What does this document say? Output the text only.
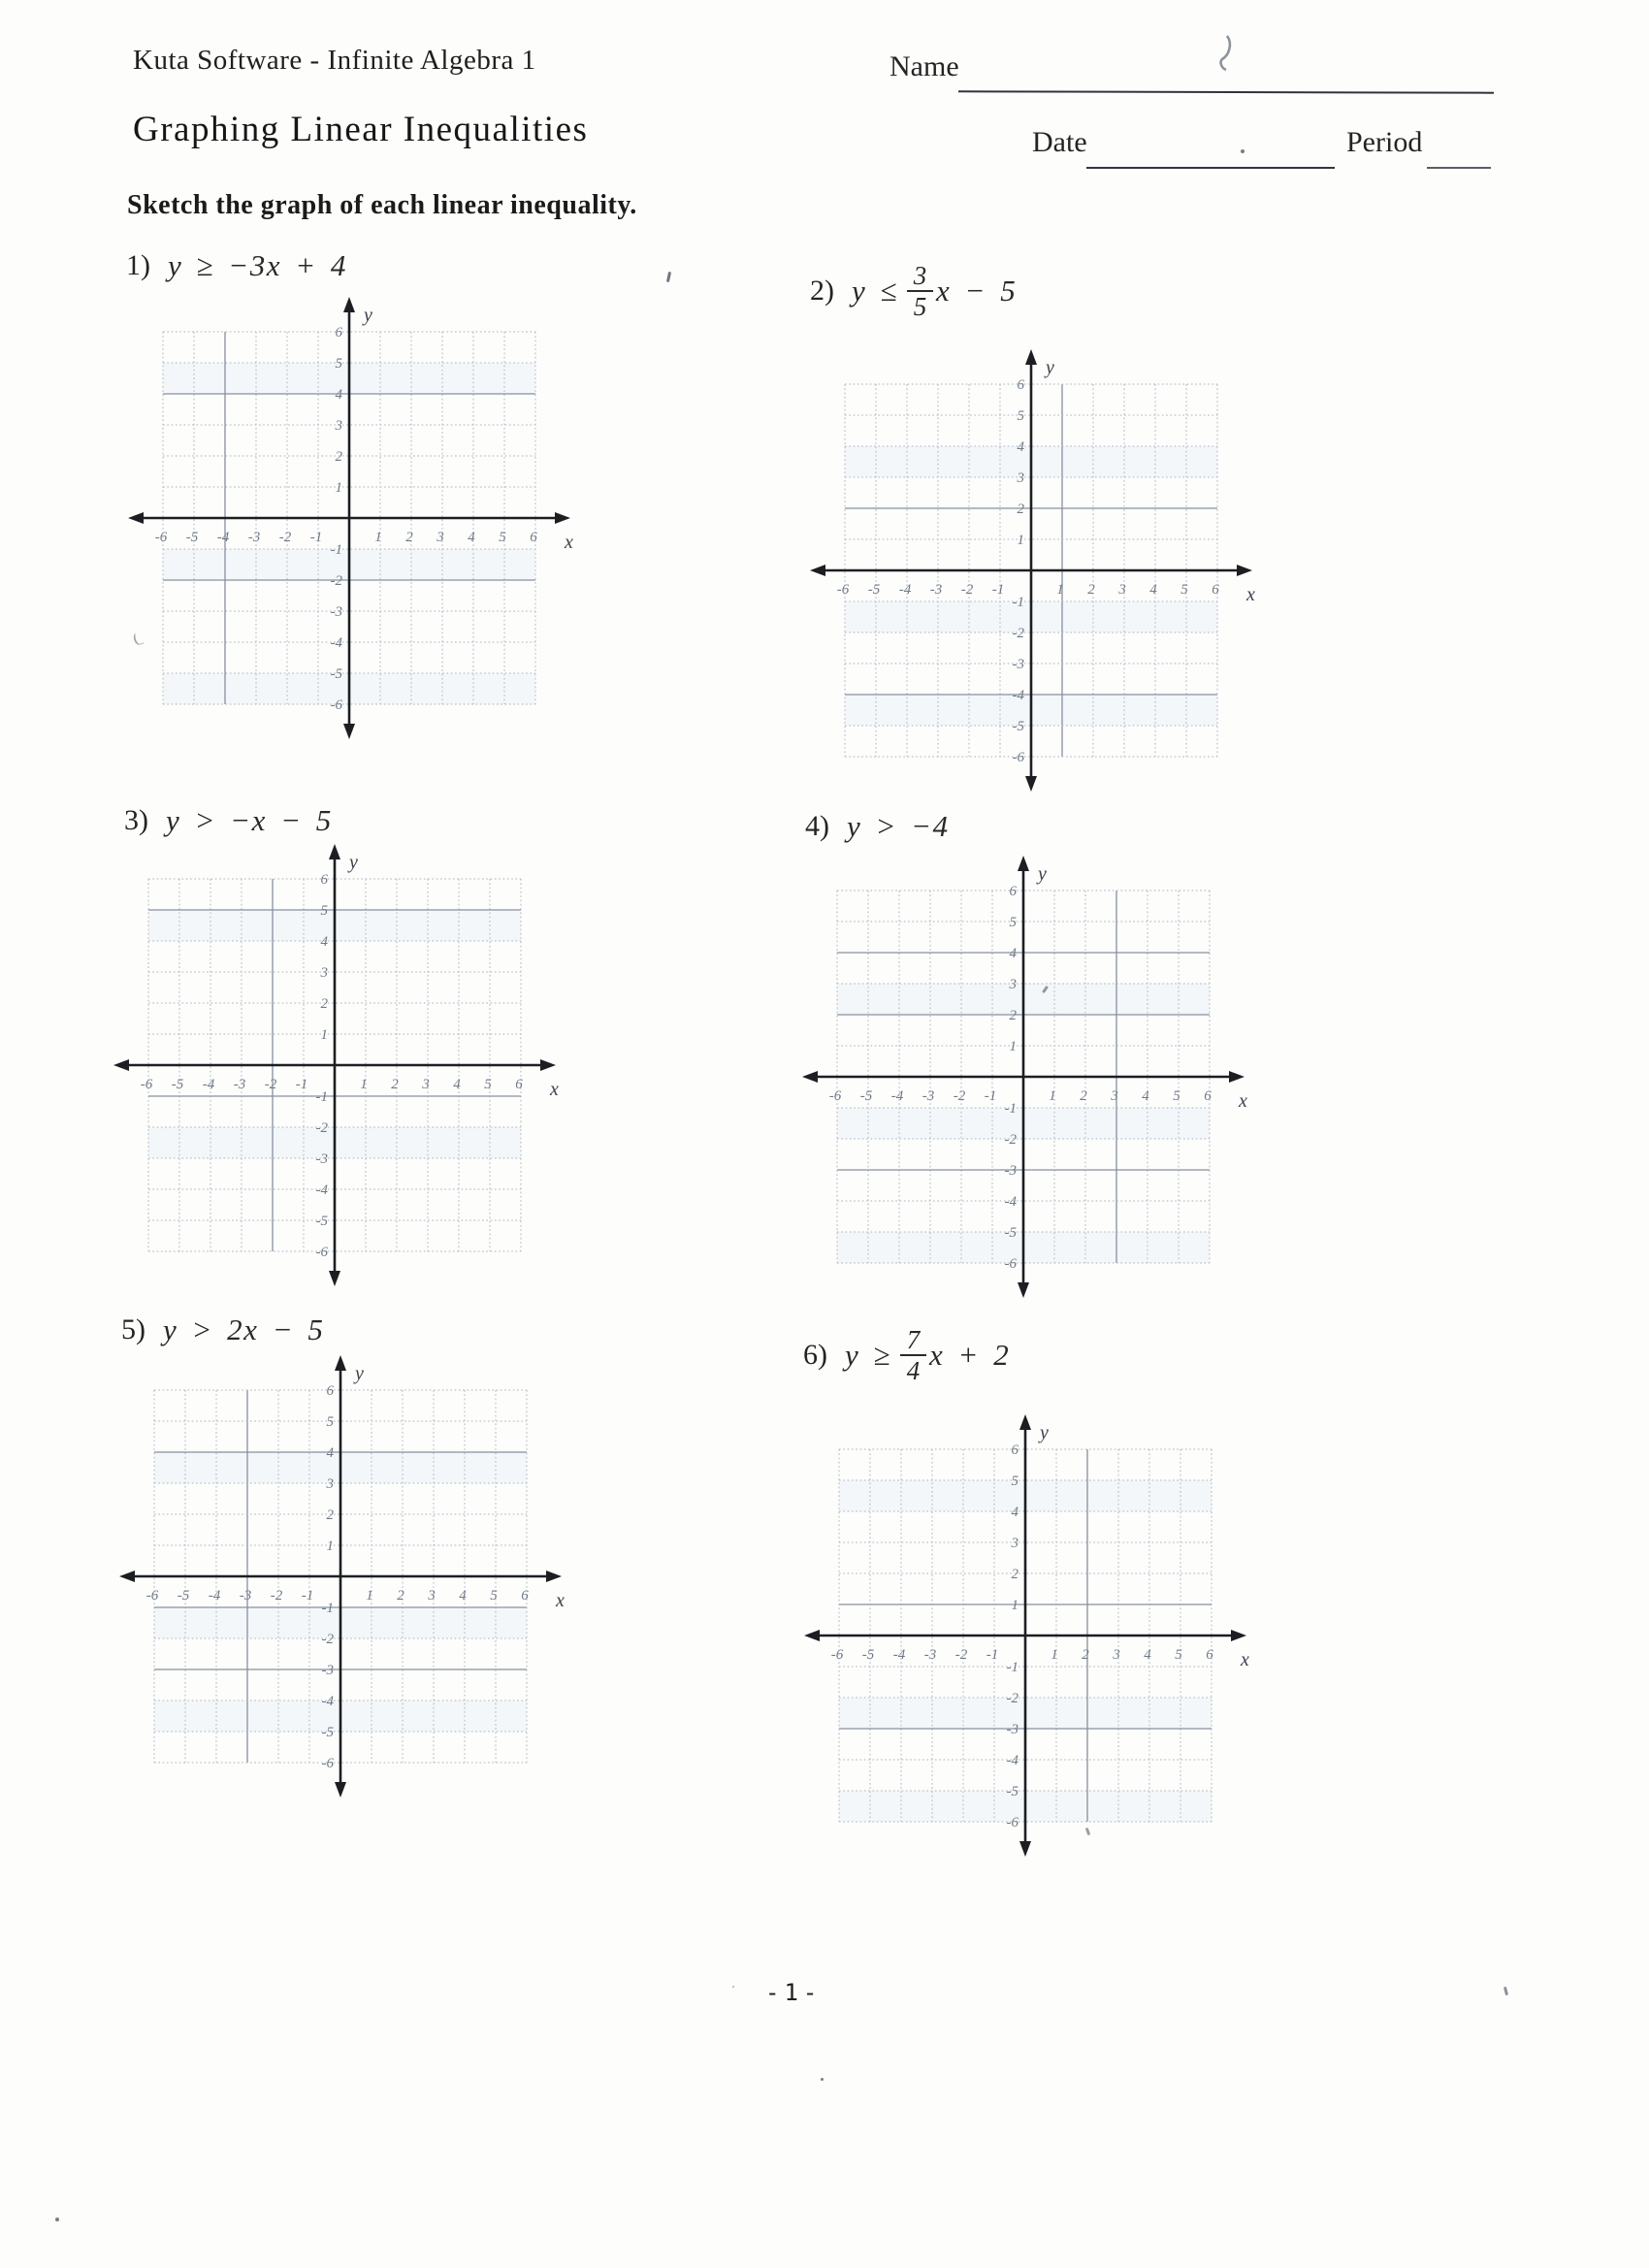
Kuta Software - Infinite Algebra 1	Name
Graphing Linear Inequalities	Date	Period
Sketch the graph of each linear inequality.
1) y ≥ −3x + 4
-6 -5 -4 -3 -2 -1	1 2 3 4 5 6
6
5
4
3
2
1
-1
-2
-3
-4
-5
-6
x
y
2) $y \le \frac{3}{5}$ x − 5
-6 -5 -4 -3 -2 -1	1 2 3 4 5 6
6
5
4
3
2
1
-1
-2
-3
-4
-5
-6
x
y
3) y > −x − 5
-6 -5 -4 -3 -2 -1	1 2 3 4 5 6
6
5
4
3
2
1
-1
-2
-3
-4
-5
-6
x
y
4) y > −4
-6 -5 -4 -3 -2 -1	1 2 3 4 5 6
6
5
4
3
2
1
-1
-2
-3
-4
-5
-6
x
y
5) y > 2x − 5
-6 -5 -4 -3 -2 -1	1 2 3 4 5 6
6
5
4
3
2
1
-1
-2
-3
-4
-5
-6
x
y
6) $y \ge \frac{7}{4}$ x + 2
-6 -5 -4 -3 -2 -1	1 2 3 4 5 6
6
5
4
3
2
1
-1
-2
-3
-4
-5
-6
x
y
-1-
